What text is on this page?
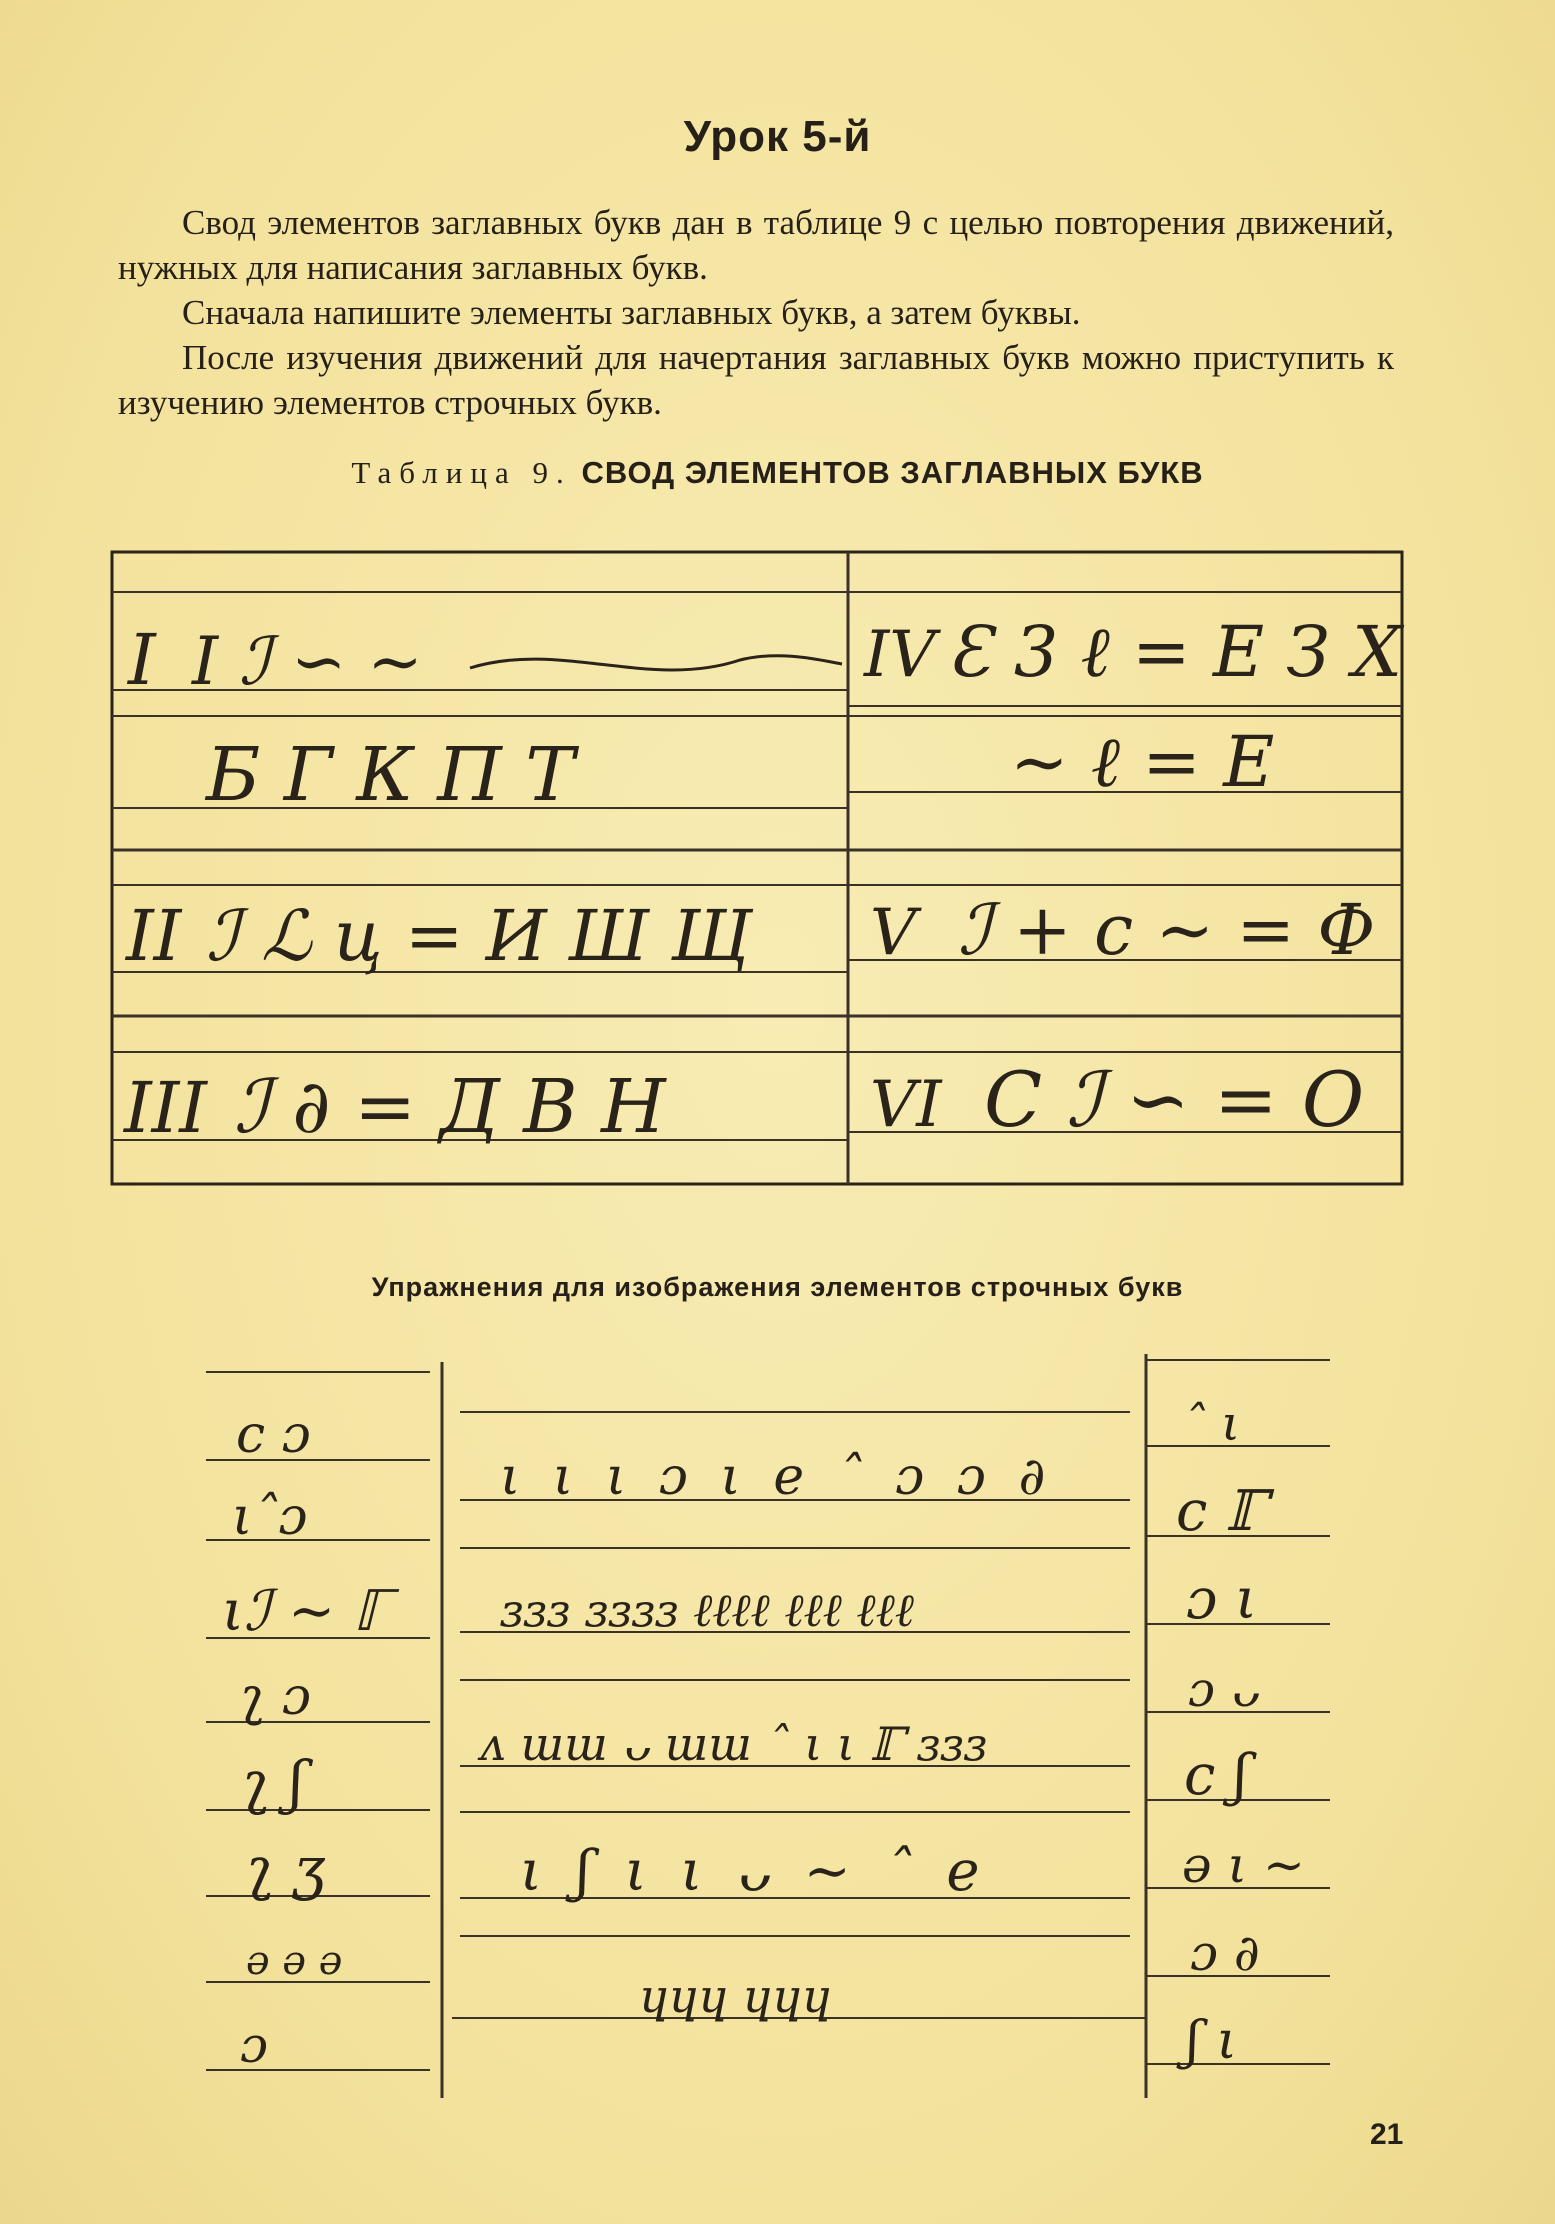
Урок 5-й

Свод элементов заглавных букв дан в таблице 9 с целью повторения движений, нужных для написания заглавных букв.

Сначала напишите элементы заглавных букв, а затем буквы.

После изучения движений для начертания заглавных букв можно приступить к изучению элементов строчных букв.

Таблица 9. СВОД ЭЛЕМЕНТОВ ЗАГЛАВНЫХ БУКВ
I I ℐ ∽ ∼
Б Г К П Т
II ℐ ℒ ц = И Ш Щ
III ℐ ∂ = Д В Н
IV Ɛ 3 ℓ = Е З Х
∼ ℓ = Е
V ℐ + c ∼ = Ф
VI С ℐ ∽ = О
Упражнения для изображения элементов строчных букв
с ɔ
ιˆɔ
ιℐ ∼ ℾ
ʅ ɔ
ʅ ʃ
ʅ ʒ
ə ə ə
ɔ
ι ι ι ɔ ι е ˆ ɔ ɔ ∂
ɜɜɜ ɜɜɜɜ ℓℓℓℓ ℓℓℓ ℓℓℓ
ᴧ ɯɯ ᴗ ɯɯ ˆ ι ι ℾ ɜɜɜ
ι ʃ ι ι ᴗ ∼ ˆ е
ɥɥɥ ɥɥɥ
ˆ ι
с ℾ
ɔ ι
ɔ ᴗ
с ʃ
ə ι ∼
ɔ ∂
ʃ ι
21
